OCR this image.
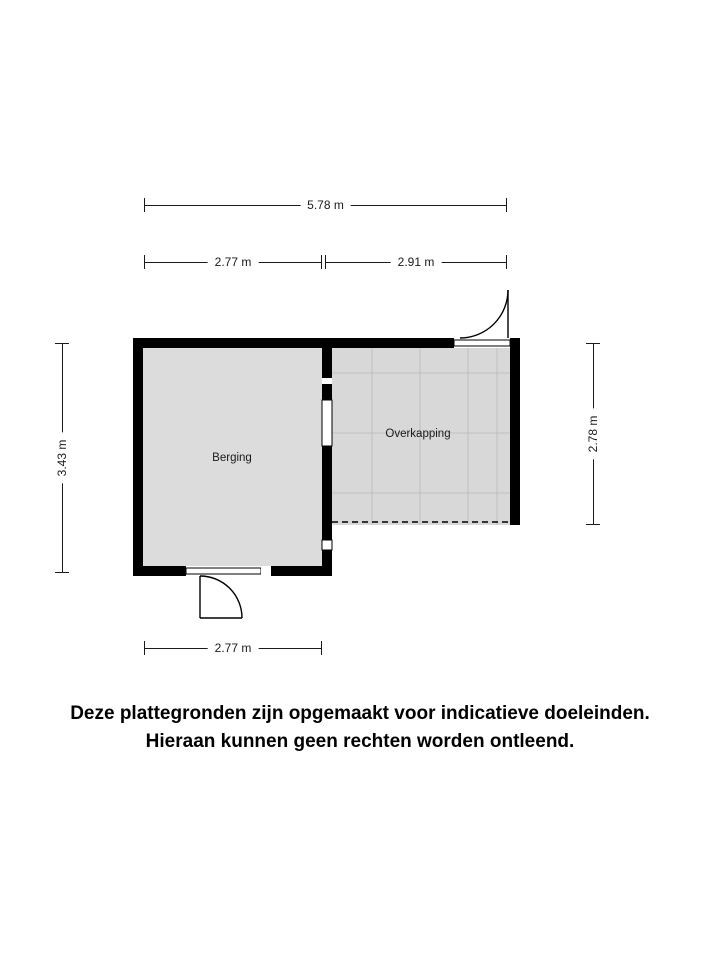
5.78 m
2.77 m	2.91 m
3.43 m
2.78 m
2.77 m
Berging
Overkapping
Deze plattegronden zijn opgemaakt voor indicatieve doeleinden.
Hieraan kunnen geen rechten worden ontleend.
